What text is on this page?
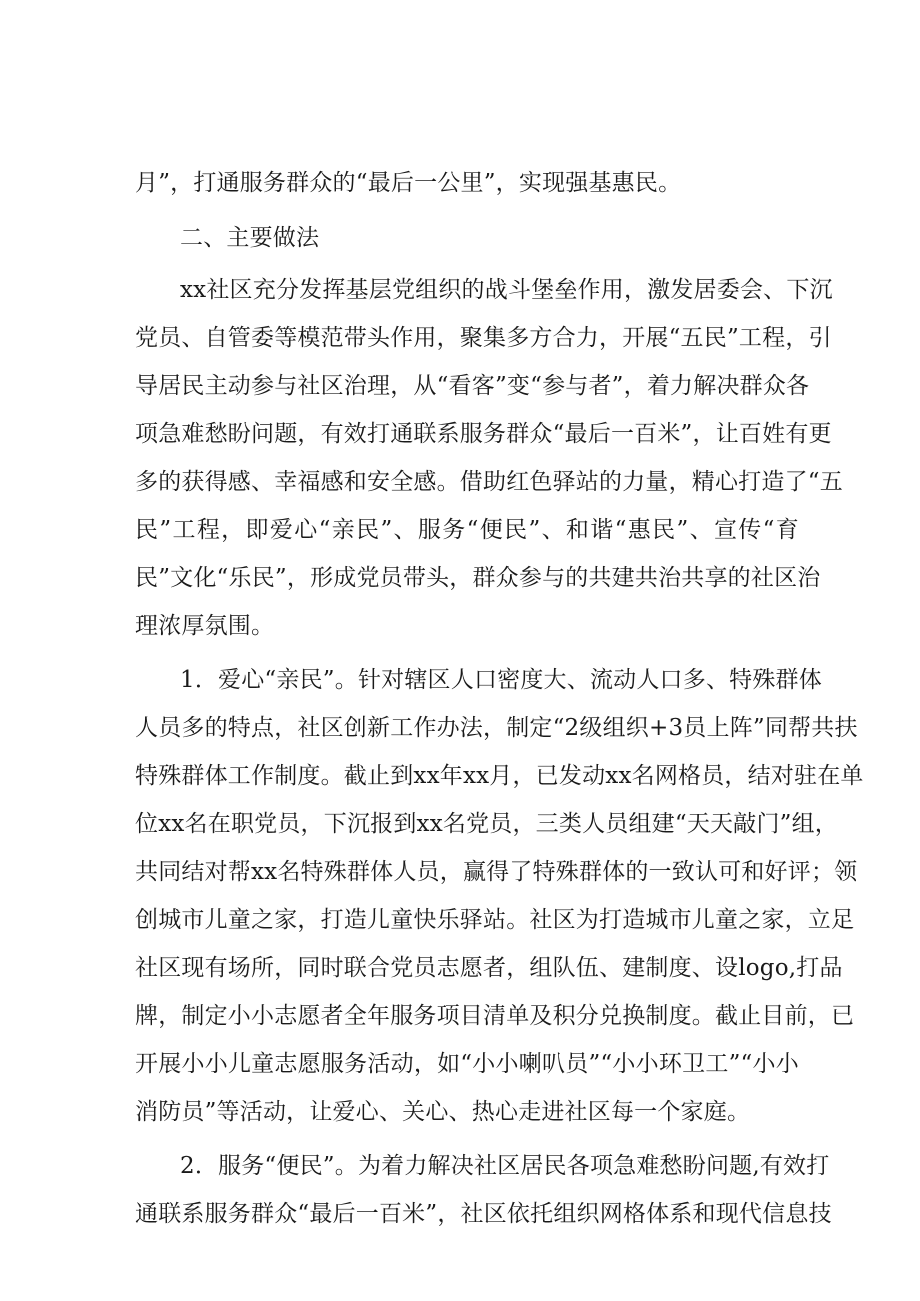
月”，打通服务群众的“最后一公里”，实现强基惠民。
二、主要做法
xx社区充分发挥基层党组织的战斗堡垒作用，激发居委会、下沉
党员、自管委等模范带头作用，聚集多方合力，开展“五民”工程，引
导居民主动参与社区治理，从“看客”变“参与者”，着力解决群众各
项急难愁盼问题，有效打通联系服务群众“最后一百米”，让百姓有更
多的获得感、幸福感和安全感。借助红色驿站的力量，精心打造了“五
民”工程，即爱心“亲民”、服务“便民”、和谐“惠民”、宣传“育
民”文化“乐民”，形成党员带头，群众参与的共建共治共享的社区治
理浓厚氛围。
1．爱心“亲民”。针对辖区人口密度大、流动人口多、特殊群体
人员多的特点，社区创新工作办法，制定“2级组织+3员上阵”同帮共扶
特殊群体工作制度。截止到xx年xx月，已发动xx名网格员，结对驻在单
位xx名在职党员，下沉报到xx名党员，三类人员组建“天天敲门”组，
共同结对帮xx名特殊群体人员，赢得了特殊群体的一致认可和好评；领
创城市儿童之家，打造儿童快乐驿站。社区为打造城市儿童之家，立足
社区现有场所，同时联合党员志愿者，组队伍、建制度、设logo,打品
牌，制定小小志愿者全年服务项目清单及积分兑换制度。截止目前，已
开展小小儿童志愿服务活动，如“小小喇叭员”“小小环卫工”“小小
消防员”等活动，让爱心、关心、热心走进社区每一个家庭。
2．服务“便民”。为着力解决社区居民各项急难愁盼问题,有效打
通联系服务群众“最后一百米”，社区依托组织网格体系和现代信息技
